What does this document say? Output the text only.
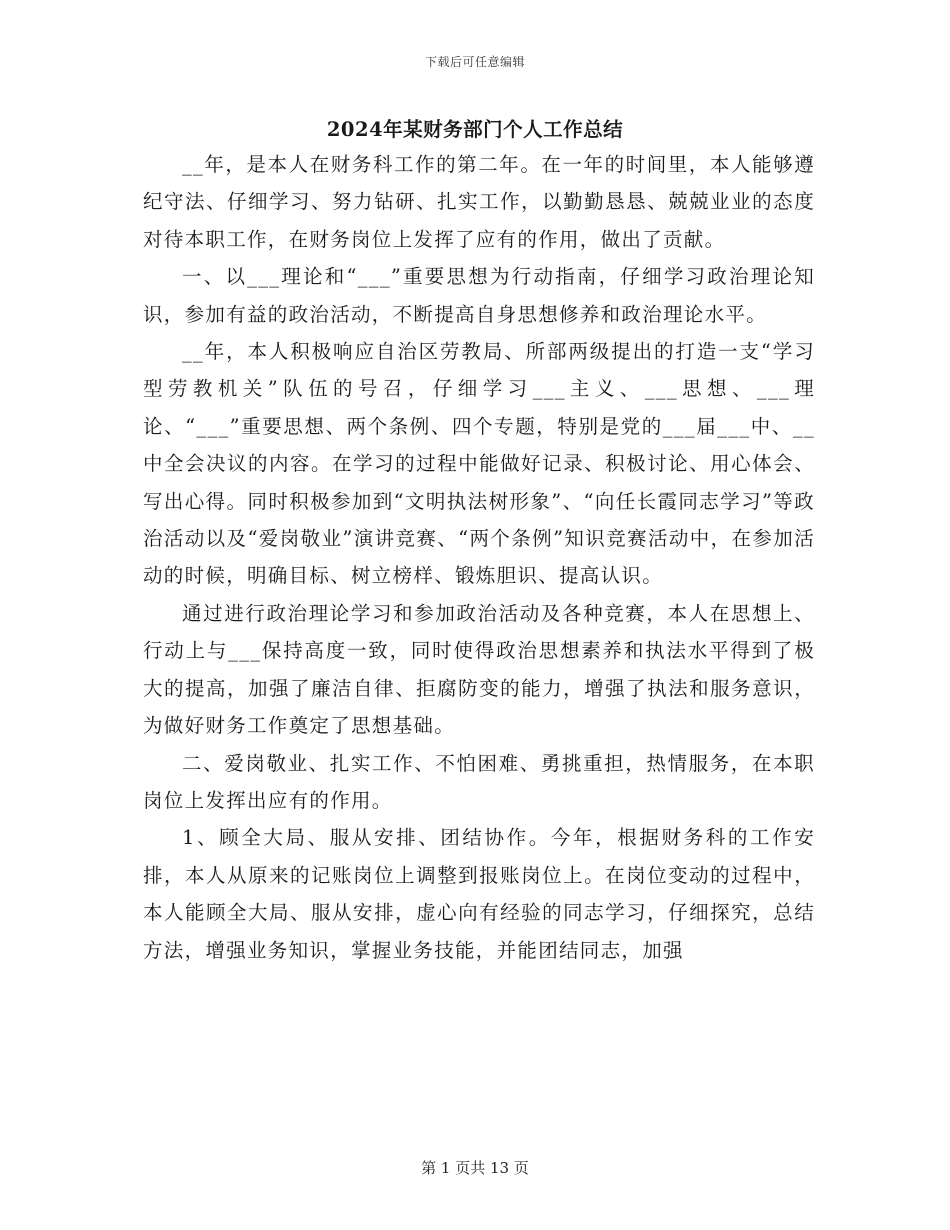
下载后可任意编辑
2024年某财务部门个人工作总结

__年，是本人在财务科工作的第二年。在一年的时间里，本人能够遵纪守法、仔细学习、努力钻研、扎实工作，以勤勤恳恳、兢兢业业的态度对待本职工作，在财务岗位上发挥了应有的作用，做出了贡献。

一、以___理论和“___”重要思想为行动指南，仔细学习政治理论知识，参加有益的政治活动，不断提高自身思想修养和政治理论水平。

__年，本人积极响应自治区劳教局、所部两级提出的打造一支“学习型劳教机关”队伍的号召，仔细学习___主义、___思想、___理论、“___”重要思想、两个条例、四个专题，特别是党的___届___中、__中全会决议的内容。在学习的过程中能做好记录、积极讨论、用心体会、写出心得。同时积极参加到“文明执法树形象”、“向任长霞同志学习”等政治活动以及“爱岗敬业”演讲竞赛、“两个条例”知识竞赛活动中，在参加活动的时候，明确目标、树立榜样、锻炼胆识、提高认识。

通过进行政治理论学习和参加政治活动及各种竞赛，本人在思想上、行动上与___保持高度一致，同时使得政治思想素养和执法水平得到了极大的提高，加强了廉洁自律、拒腐防变的能力，增强了执法和服务意识，为做好财务工作奠定了思想基础。

二、爱岗敬业、扎实工作、不怕困难、勇挑重担，热情服务，在本职岗位上发挥出应有的作用。

1、顾全大局、服从安排、团结协作。今年，根据财务科的工作安排，本人从原来的记账岗位上调整到报账岗位上。在岗位变动的过程中，本人能顾全大局、服从安排，虚心向有经验的同志学习，仔细探究，总结方法，增强业务知识，掌握业务技能，并能团结同志，加强

第 1 页共 13 页
